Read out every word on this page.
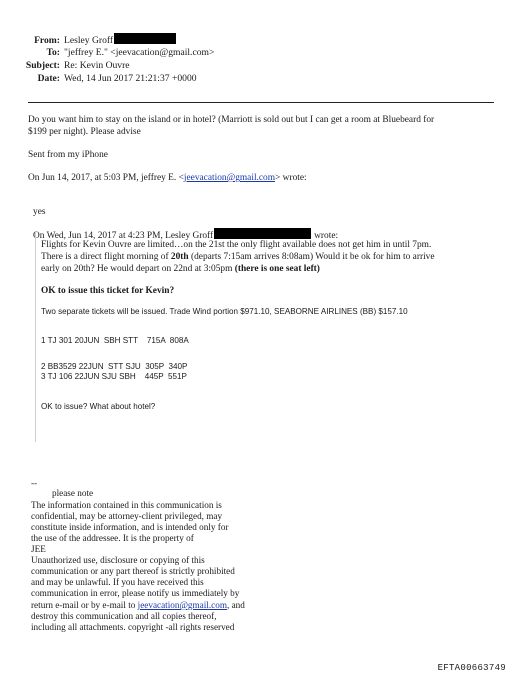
From: Lesley Groff
To: "jeffrey E." <jeevacation@gmail.com>
Subject: Re: Kevin Ouvre
Date: Wed, 14 Jun 2017 21:21:37 +0000
Do you want him to stay on the island or in hotel? (Marriott is sold out but I can get a room at Bluebeard for
$199 per night). Please advise
Sent from my iPhone
On Jun 14, 2017, at 5:03 PM, jeffrey E. <jeevacation@gmail.com> wrote:
yes
On Wed, Jun 14, 2017 at 4:23 PM, Lesley Groff	wrote:
Flights for Kevin Ouvre are limited…on the 21st the only flight available does not get him in until 7pm.
There is a direct flight morning of 20th (departs 7:15am arrives 8:08am) Would it be ok for him to arrive
early on 20th? He would depart on 22nd at 3:05pm (there is one seat left)
OK to issue this ticket for Kevin?
Two separate tickets will be issued. Trade Wind portion $971.10, SEABORNE AIRLINES (BB) $157.10
1 TJ 301 20JUN  SBH STT    715A  808A
2 BB3529 22JUN  STT SJU  305P  340P
3 TJ 106 22JUN SJU SBH    445P  551P
OK to issue? What about hotel?
--
please note
The information contained in this communication is
confidential, may be attorney-client privileged, may
constitute inside information, and is intended only for
the use of the addressee. It is the property of
JEE
Unauthorized use, disclosure or copying of this
communication or any part thereof is strictly prohibited
and may be unlawful. If you have received this
communication in error, please notify us immediately by
return e-mail or by e-mail to jeevacation@gmail.com, and
destroy this communication and all copies thereof,
including all attachments. copyright -all rights reserved
EFTA00663749
